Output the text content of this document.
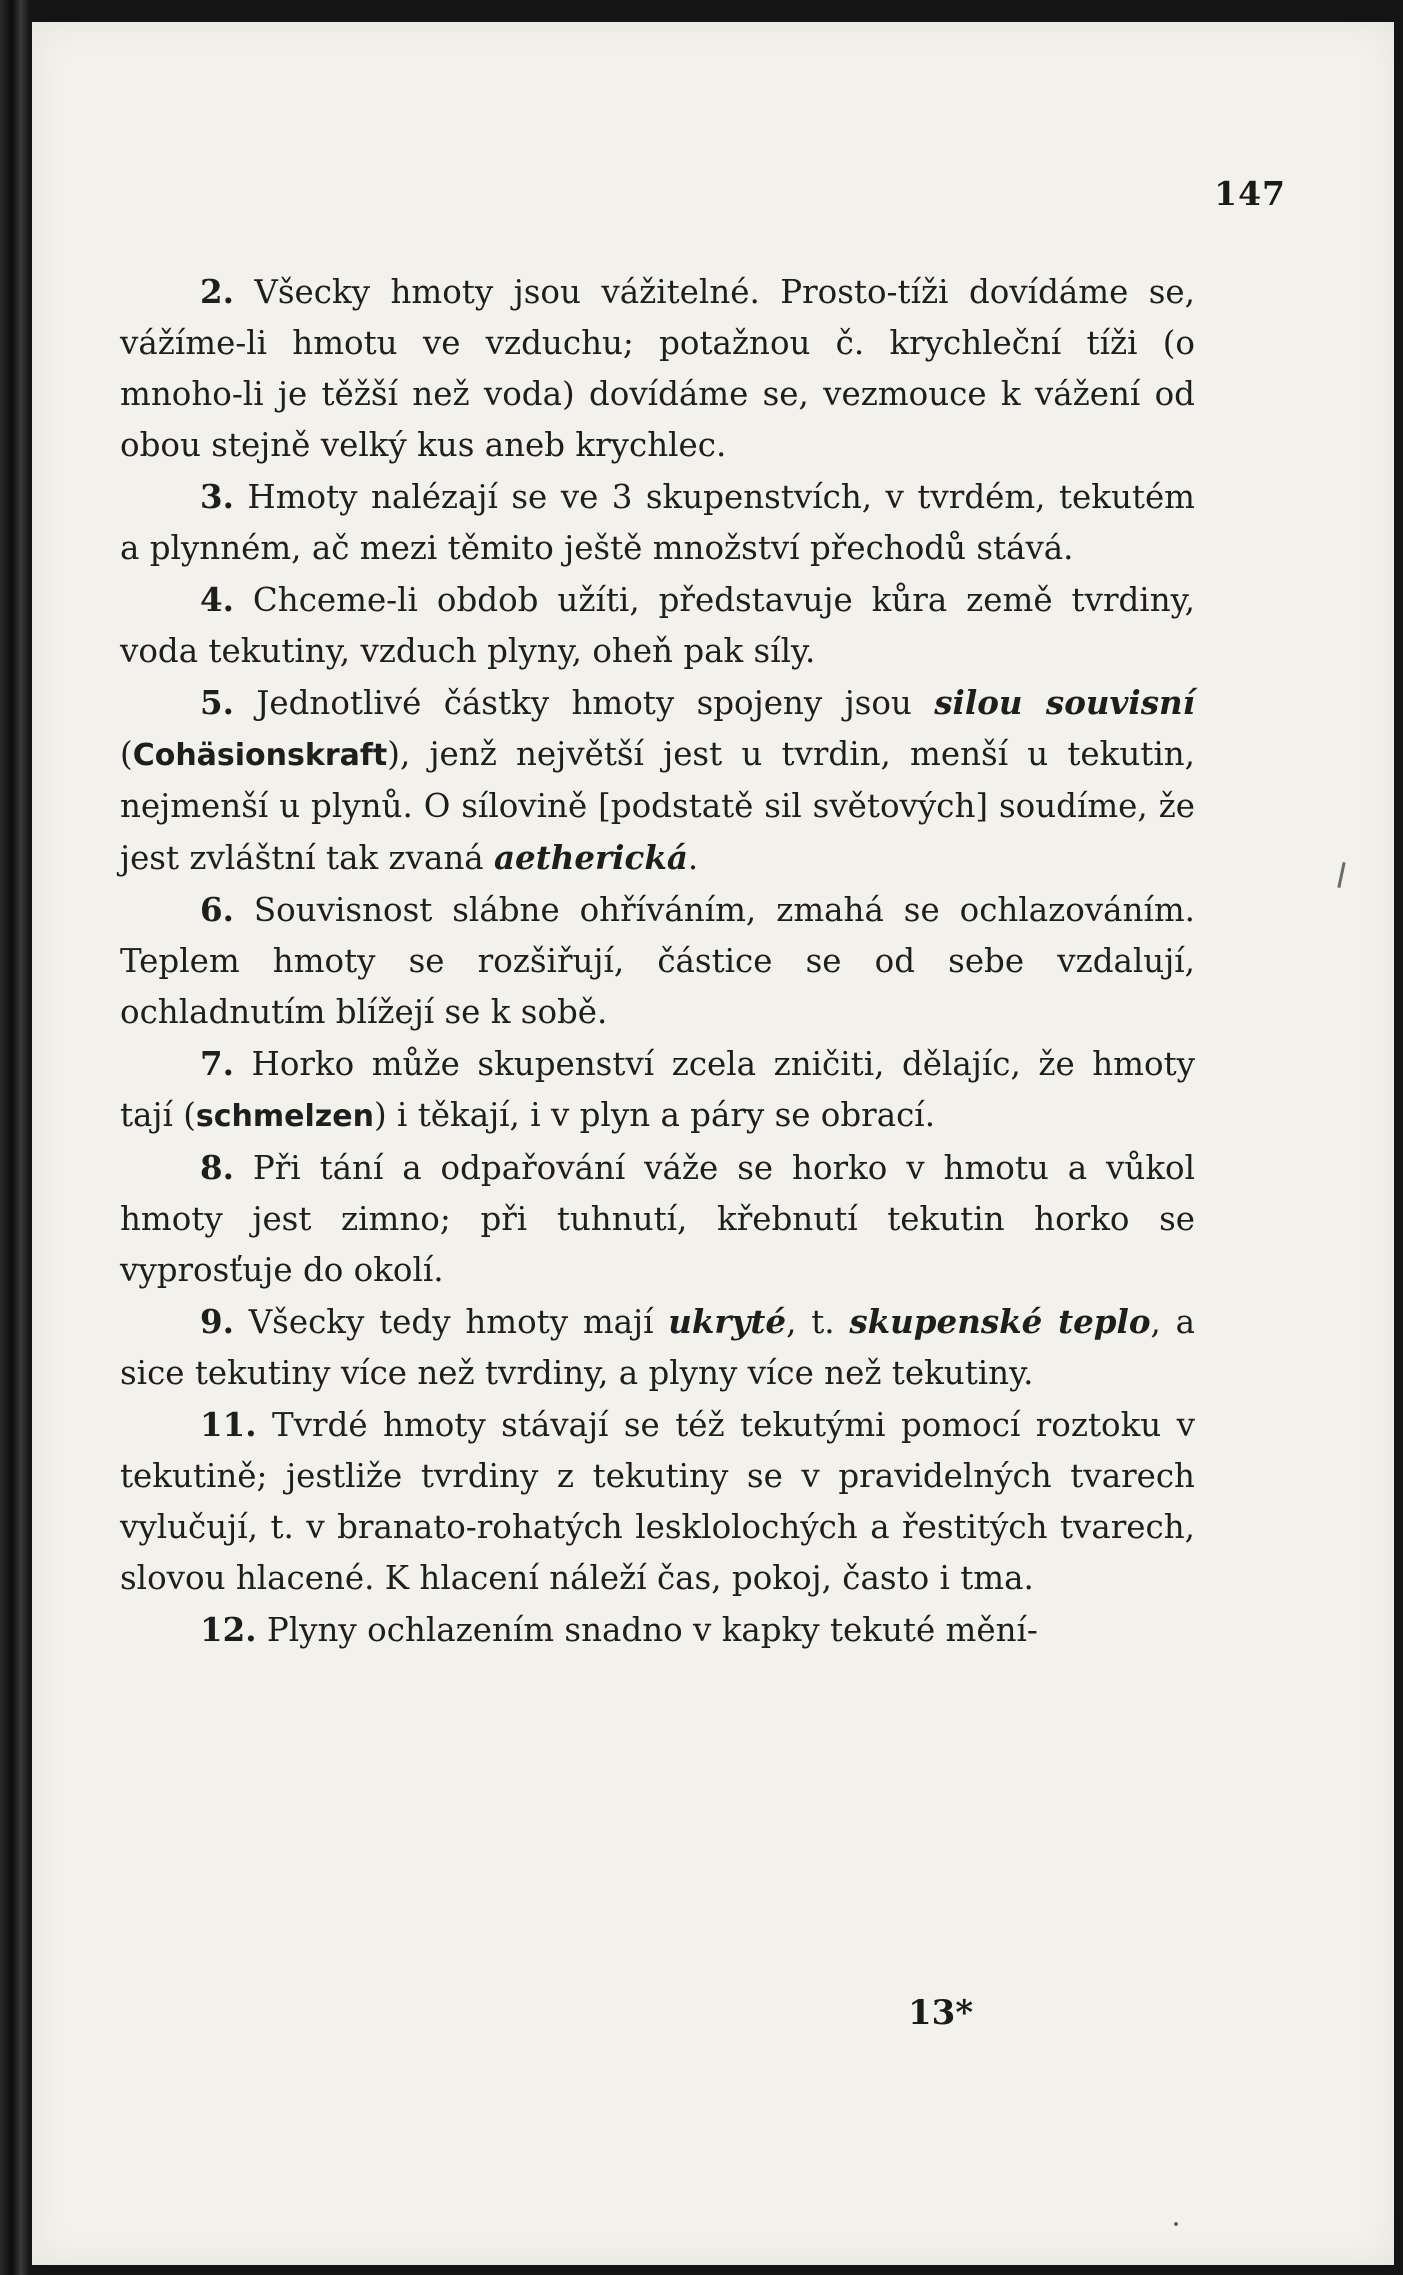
147

2. Všecky hmoty jsou vážitelné. Prosto-tíži dovídáme se, vážíme-li hmotu ve vzduchu; potažnou č. krychleční tíži (o mnoho-li je těžší než voda) dovídáme se, vezmouce k vážení od obou stejně velký kus aneb krychlec.

3. Hmoty nalézají se ve 3 skupenstvích, v tvrdém, tekutém a plynném, ač mezi těmito ještě množství přechodů stává.

4. Chceme-li obdob užíti, představuje kůra země tvrdiny, voda tekutiny, vzduch plyny, oheň pak síly.

5. Jednotlivé částky hmoty spojeny jsou silou souvisní (Cohäsionskraft), jenž největší jest u tvrdin, menší u tekutin, nejmenší u plynů. O sílovině [podstatě sil světových] soudíme, že jest zvláštní tak zvaná aetherická.

6. Souvisnost slábne ohříváním, zmahá se ochlazováním. Teplem hmoty se rozšiřují, částice se od sebe vzdalují, ochladnutím blížejí se k sobě.

7. Horko může skupenství zcela zničiti, dělajíc, že hmoty tají (schmelzen) i těkají, i v plyn a páry se obrací.

8. Při tání a odpařování váže se horko v hmotu a vůkol hmoty jest zimno; při tuhnutí, křebnutí tekutin horko se vyprosťuje do okolí.

9. Všecky tedy hmoty mají ukryté, t. skupenské teplo, a sice tekutiny více než tvrdiny, a plyny více než tekutiny.

11. Tvrdé hmoty stávají se též tekutými pomocí roztoku v tekutině; jestliže tvrdiny z tekutiny se v pravidelných tvarech vylučují, t. v branato-rohatých lesklolochých a řestitých tvarech, slovou hlacené. K hlacení náleží čas, pokoj, často i tma.

12. Plyny ochlazením snadno v kapky tekuté mění-

13*
